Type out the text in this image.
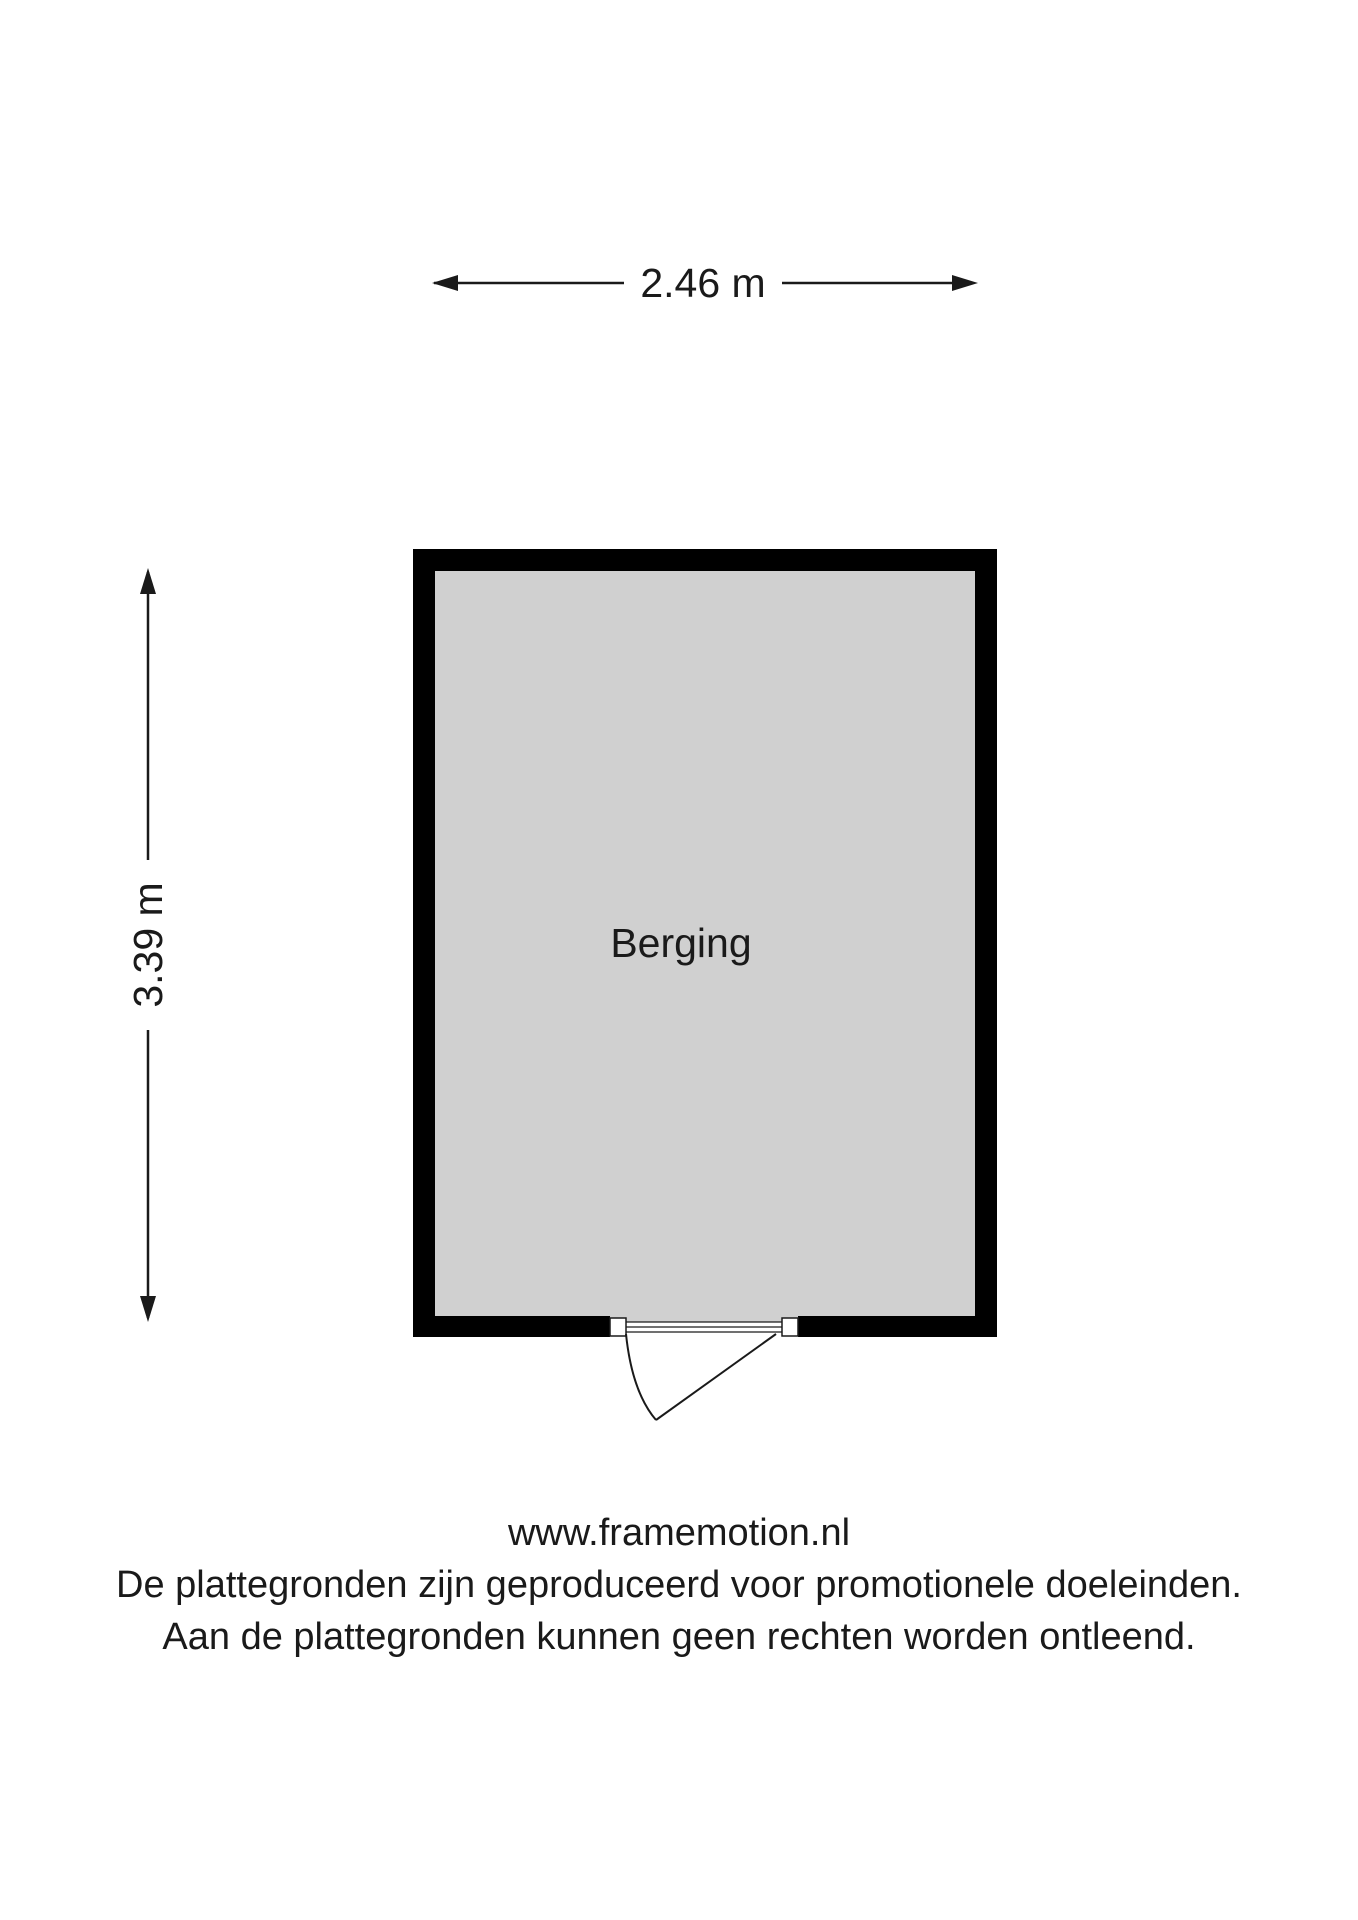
2.46 m
3.39 m	Berging
www.framemotion.nl
De plattegronden zijn geproduceerd voor promotionele doeleinden.
Aan de plattegronden kunnen geen rechten worden ontleend.
